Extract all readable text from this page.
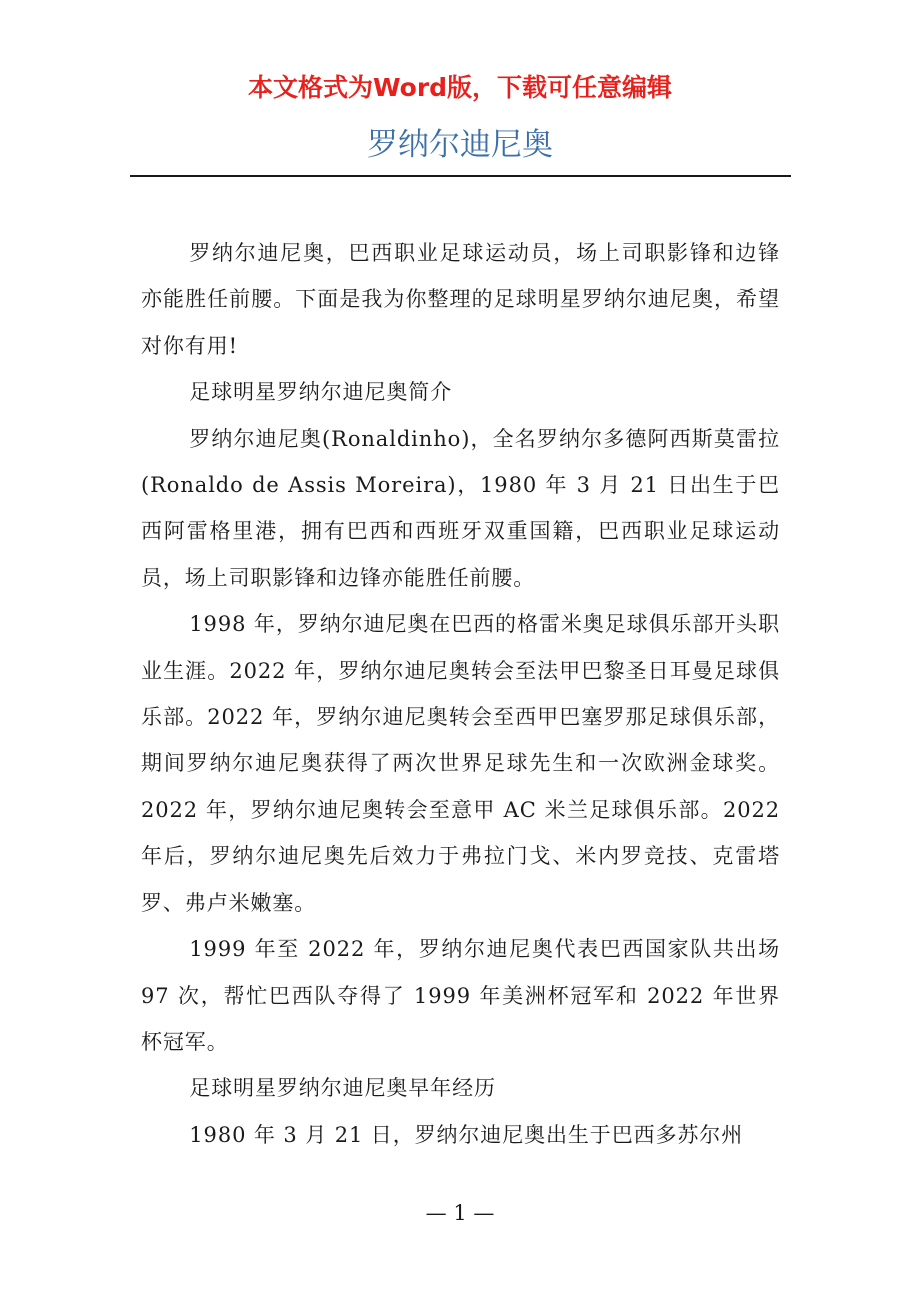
本文格式为Word版，下载可任意编辑
罗纳尔迪尼奥

罗纳尔迪尼奥，巴西职业足球运动员，场上司职影锋和边锋亦能胜任前腰。下面是我为你整理的足球明星罗纳尔迪尼奥，希望对你有用!

足球明星罗纳尔迪尼奥简介

罗纳尔迪尼奥(Ronaldinho)，全名罗纳尔多德阿西斯莫雷拉(Ronaldo de Assis Moreira)，1980 年 3 月 21 日出生于巴西阿雷格里港，拥有巴西和西班牙双重国籍，巴西职业足球运动员，场上司职影锋和边锋亦能胜任前腰。

1998 年，罗纳尔迪尼奥在巴西的格雷米奥足球俱乐部开头职业生涯。2022 年，罗纳尔迪尼奥转会至法甲巴黎圣日耳曼足球俱乐部。2022 年，罗纳尔迪尼奥转会至西甲巴塞罗那足球俱乐部，期间罗纳尔迪尼奥获得了两次世界足球先生和一次欧洲金球奖。2022 年，罗纳尔迪尼奥转会至意甲 AC 米兰足球俱乐部。2022 年后，罗纳尔迪尼奥先后效力于弗拉门戈、米内罗竞技、克雷塔罗、弗卢米嫩塞。

1999 年至 2022 年，罗纳尔迪尼奥代表巴西国家队共出场 97 次，帮忙巴西队夺得了 1999 年美洲杯冠军和 2022 年世界杯冠军。

足球明星罗纳尔迪尼奥早年经历

1980 年 3 月 21 日，罗纳尔迪尼奥出生于巴西多苏尔州

— 1 —
